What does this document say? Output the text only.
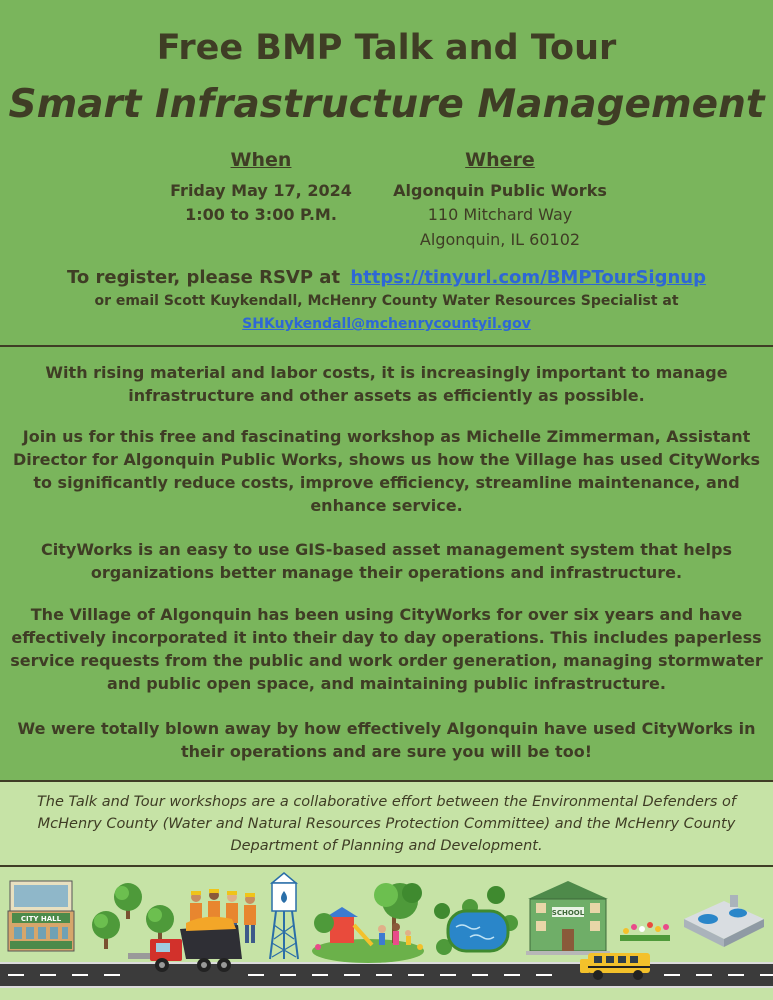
Free BMP Talk and Tour
Smart Infrastructure Management
When
Friday May 17, 2024
1:00 to 3:00 P.M.
Where
Algonquin Public Works
110 Mitchard Way
Algonquin, IL 60102
To register, please RSVP at https://tinyurl.com/BMPTourSignup
or email Scott Kuykendall, McHenry County Water Resources Specialist at
SHKuykendall@mchenrycountyil.gov
With rising material and labor costs, it is increasingly important to manage infrastructure and other assets as efficiently as possible.
Join us for this free and fascinating workshop as Michelle Zimmerman, Assistant Director for Algonquin Public Works, shows us how the Village has used CityWorks to significantly reduce costs, improve efficiency, streamline maintenance, and enhance service.
CityWorks is an easy to use GIS-based asset management system that helps organizations better manage their operations and infrastructure.
The Village of Algonquin has been using CityWorks for over six years and have effectively incorporated it into their day to day operations. This includes paperless service requests from the public and work order generation, managing stormwater and public open space, and maintaining public infrastructure.
We were totally blown away by how effectively Algonquin have used CityWorks in their operations and are sure you will be too!
The Talk and Tour workshops are a collaborative effort between the Environmental Defenders of McHenry County (Water and Natural Resources Protection Committee) and the McHenry County Department of Planning and Development.
CITY HALL
SCHOOL
